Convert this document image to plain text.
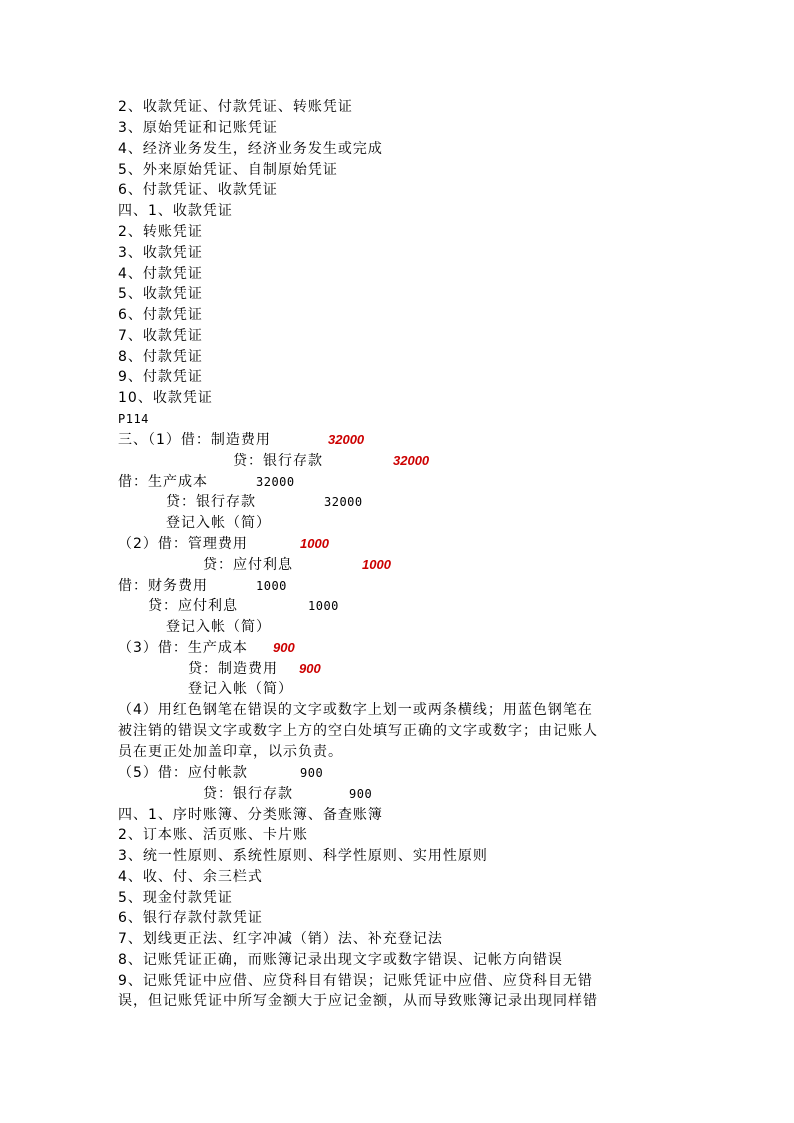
2、收款凭证、付款凭证、转账凭证
3、原始凭证和记账凭证
4、经济业务发生，经济业务发生或完成
5、外来原始凭证、自制原始凭证
6、付款凭证、收款凭证
四、1、收款凭证
2、转账凭证
3、收款凭证
4、付款凭证
5、收款凭证
6、付款凭证
7、收款凭证
8、付款凭证
9、付款凭证
10、收款凭证
P114
三、（1）借：制造费用	32000
贷：银行存款	32000
借：生产成本	32000
贷：银行存款	32000
登记入帐（简）
（2）借：管理费用	1000
贷：应付利息	1000
借：财务费用	1000
贷：应付利息	1000
登记入帐（简）
（3）借：生产成本 900
贷：制造费用 900
登记入帐（简）
（4）用红色钢笔在错误的文字或数字上划一或两条横线；用蓝色钢笔在
被注销的错误文字或数字上方的空白处填写正确的文字或数字；由记账人
员在更正处加盖印章，以示负责。
（5）借：应付帐款	900
贷：银行存款	900
四、1、序时账簿、分类账簿、备查账簿
2、订本账、活页账、卡片账
3、统一性原则、系统性原则、科学性原则、实用性原则
4、收、付、余三栏式
5、现金付款凭证
6、银行存款付款凭证
7、划线更正法、红字冲减（销）法、补充登记法
8、记账凭证正确，而账簿记录出现文字或数字错误、记帐方向错误
9、记账凭证中应借、应贷科目有错误；记账凭证中应借、应贷科目无错
误，但记账凭证中所写金额大于应记金额，从而导致账簿记录出现同样错
